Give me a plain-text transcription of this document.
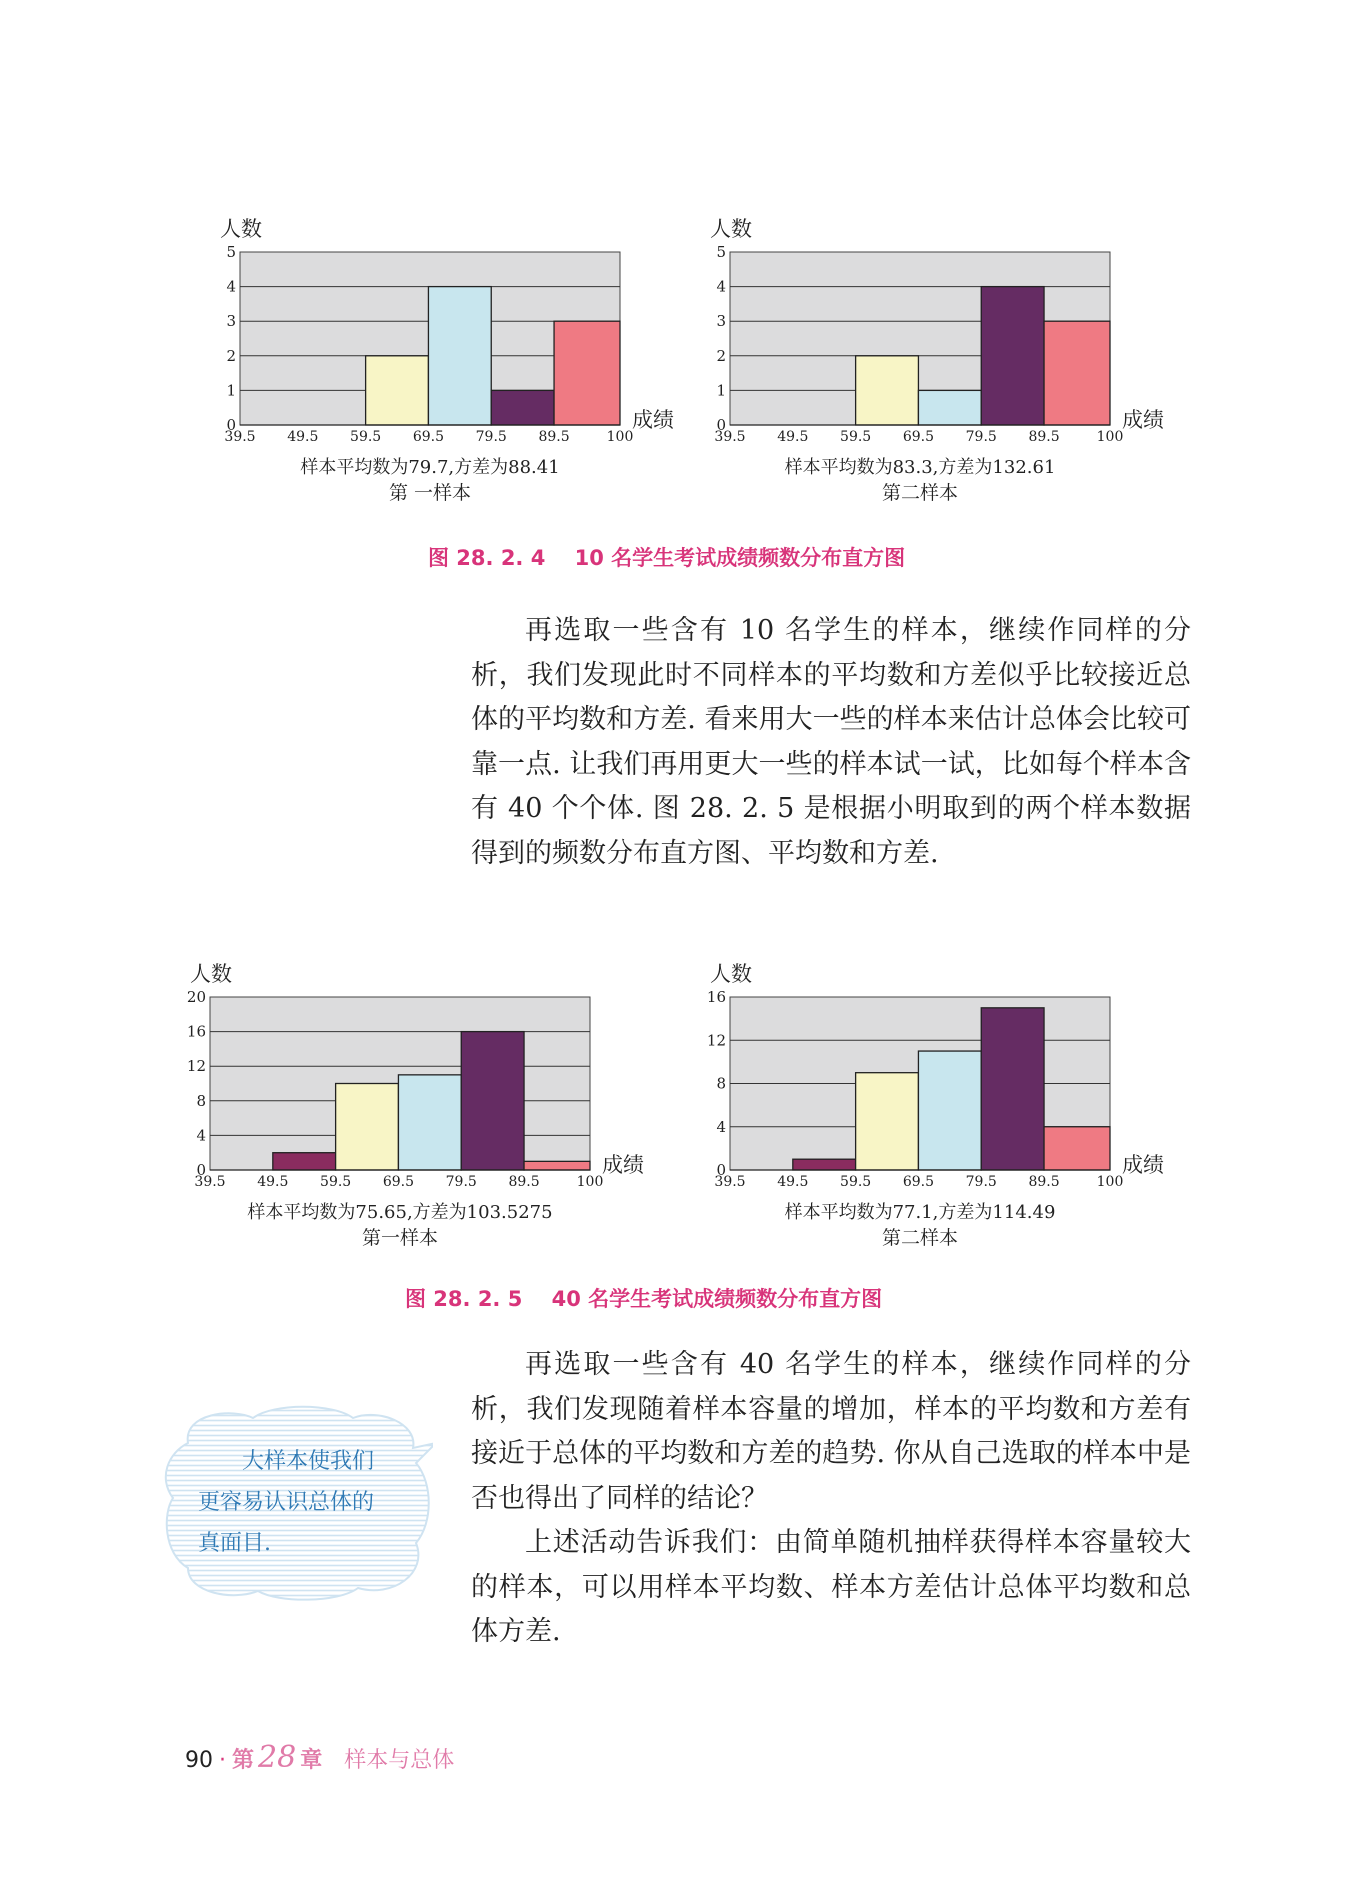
0
1
2
3
4
5
39.5 49.5 59.5 69.5 79.5 89.5	100
人数
成绩
样本平均数为79.7,方差为88.41
第 一样本
0
1
2
3
4
5
39.5 49.5 59.5 69.5 79.5 89.5	100
人数
成绩
样本平均数为83.3,方差为132.61
第二样本
图 28. 2. 4    10 名学生考试成绩频数分布直方图

再选取一些含有 10 名学生的样本，继续作同样的分析，我们发现此时不同样本的平均数和方差似乎比较接近总体的平均数和方差. 看来用大一些的样本来估计总体会比较可靠一点. 让我们再用更大一些的样本试一试，比如每个样本含有 40 个个体. 图 28. 2. 5 是根据小明取到的两个样本数据得到的频数分布直方图、平均数和方差.

0
4
8
12
16
20
39.5 49.5 59.5 69.5 79.5 89.5	100
人数
成绩
样本平均数为75.65,方差为103.5275
第一样本
0
4
8
12
16
39.5 49.5 59.5 69.5 79.5 89.5	100
人数
成绩
样本平均数为77.1,方差为114.49
第二样本
图 28. 2. 5    40 名学生考试成绩频数分布直方图
大样本使我们更容易认识总体的真面目.

再选取一些含有 40 名学生的样本，继续作同样的分析，我们发现随着样本容量的增加，样本的平均数和方差有接近于总体的平均数和方差的趋势. 你从自己选取的样本中是否也得出了同样的结论？

上述活动告诉我们：由简单随机抽样获得样本容量较大的样本，可以用样本平均数、样本方差估计总体平均数和总体方差.

90 · 第 28 章 样本与总体
